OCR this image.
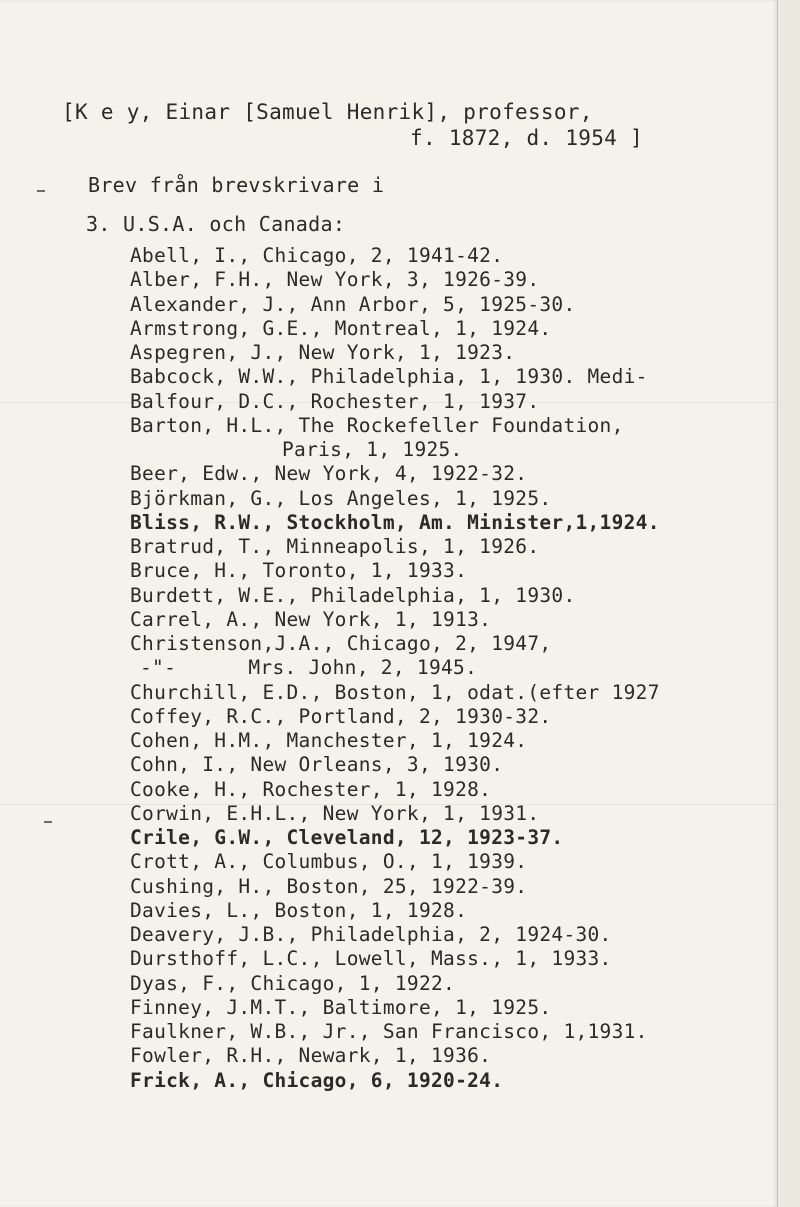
[K e y, Einar [Samuel Henrik], professor,
f. 1872, d. 1954 ]
Brev från brevskrivare i
3. U.S.A. och Canada:
Abell, I., Chicago, 2, 1941-42.
Alber, F.H., New York, 3, 1926-39.
Alexander, J., Ann Arbor, 5, 1925-30.
Armstrong, G.E., Montreal, 1, 1924.
Aspegren, J., New York, 1, 1923.
Babcock, W.W., Philadelphia, 1, 1930. Medi-
Balfour, D.C., Rochester, 1, 1937.
Barton, H.L., The Rockefeller Foundation,
Paris, 1, 1925.
Beer, Edw., New York, 4, 1922-32.
Björkman, G., Los Angeles, 1, 1925.
Bliss, R.W., Stockholm, Am. Minister,1,1924.
Bratrud, T., Minneapolis, 1, 1926.
Bruce, H., Toronto, 1, 1933.
Burdett, W.E., Philadelphia, 1, 1930.
Carrel, A., New York, 1, 1913.
Christenson,J.A., Chicago, 2, 1947,
-"-      Mrs. John, 2, 1945.
Churchill, E.D., Boston, 1, odat.(efter 1927
Coffey, R.C., Portland, 2, 1930-32.
Cohen, H.M., Manchester, 1, 1924.
Cohn, I., New Orleans, 3, 1930.
Cooke, H., Rochester, 1, 1928.
Corwin, E.H.L., New York, 1, 1931.
Crile, G.W., Cleveland, 12, 1923-37.
Crott, A., Columbus, O., 1, 1939.
Cushing, H., Boston, 25, 1922-39.
Davies, L., Boston, 1, 1928.
Deavery, J.B., Philadelphia, 2, 1924-30.
Dursthoff, L.C., Lowell, Mass., 1, 1933.
Dyas, F., Chicago, 1, 1922.
Finney, J.M.T., Baltimore, 1, 1925.
Faulkner, W.B., Jr., San Francisco, 1,1931.
Fowler, R.H., Newark, 1, 1936.
Frick, A., Chicago, 6, 1920-24.
